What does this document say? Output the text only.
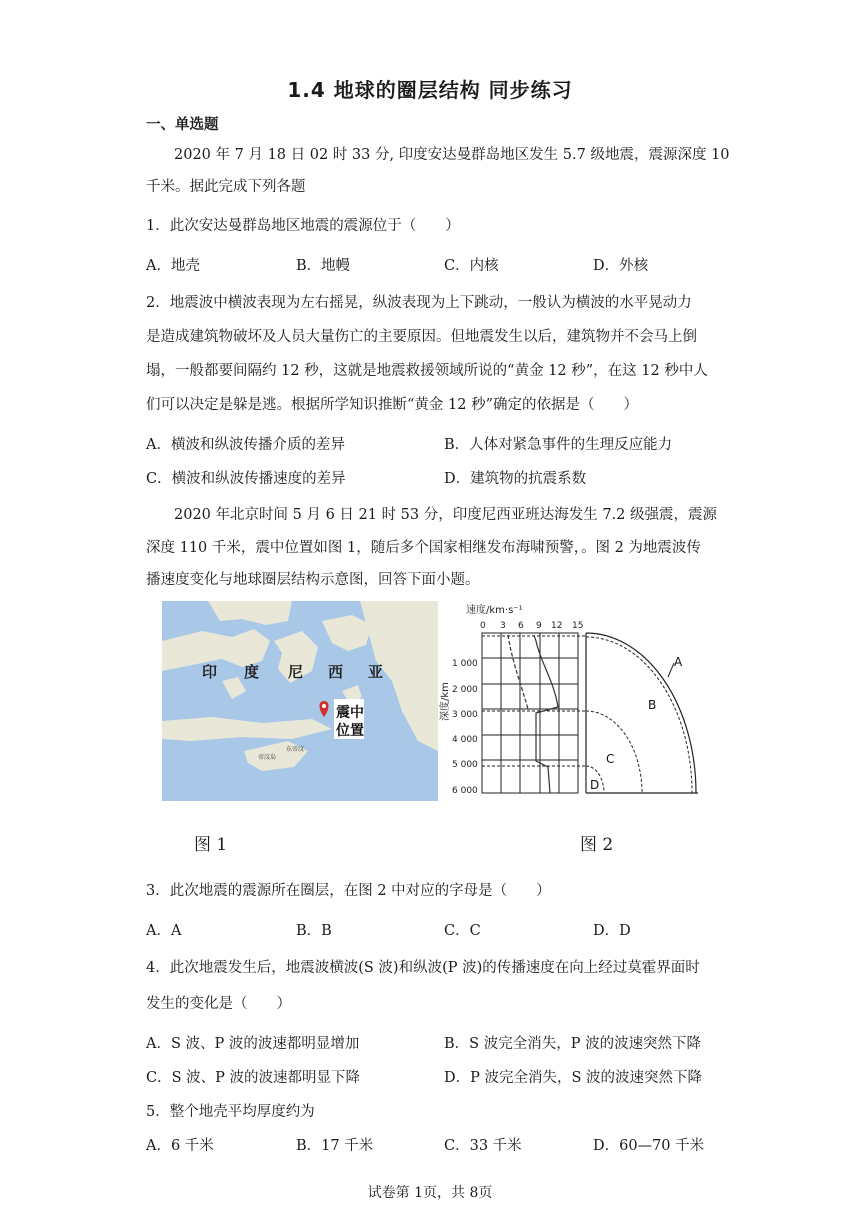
1.4 地球的圈层结构 同步练习
一、单选题
2020 年 7 月 18 日 02 时 33 分, 印度安达曼群岛地区发生 5.7 级地震，震源深度 10
千米。据此完成下列各题
1．此次安达曼群岛地区地震的震源位于（　　）
A．地壳	B．地幔	C．内核	D．外核
2．地震波中横波表现为左右摇晃，纵波表现为上下跳动，一般认为横波的水平晃动力
是造成建筑物破坏及人员大量伤亡的主要原因。但地震发生以后，建筑物并不会马上倒
塌，一般都要间隔约 12 秒，这就是地震救援领域所说的“黄金 12 秒”，在这 12 秒中人
们可以决定是躲是逃。根据所学知识推断“黄金 12 秒”确定的依据是（　　）
A．横波和纵波传播介质的差异	B．人体对紧急事件的生理反应能力
C．横波和纵波传播速度的差异	D．建筑物的抗震系数
2020 年北京时间 5 月 6 日 21 时 53 分，印度尼西亚班达海发生 7.2 级强震，震源
深度 110 千米，震中位置如图 1，随后多个国家相继发布海啸预警，。图 2 为地震波传
播速度变化与地球圈层结构示意图，回答下面小题。
印 度 尼 西 亚
震中
位置
帝汶岛
东帝汶
速度/km·s⁻¹
0 3 6 9 12 15
深度/km
1 000
2 000
3 000
4 000
5 000
6 000
A
B
C
D
图 1	图 2
3．此次地震的震源所在圈层，在图 2 中对应的字母是（　　）
A．A	B．B	C．C	D．D
4．此次地震发生后，地震波横波(S 波)和纵波(P 波)的传播速度在向上经过莫霍界面时
发生的变化是（　　）
A．S 波、P 波的波速都明显增加	B．S 波完全消失，P 波的波速突然下降
C．S 波、P 波的波速都明显下降	D．P 波完全消失，S 波的波速突然下降
5．整个地壳平均厚度约为
A．6 千米	B．17 千米	C．33 千米	D．60—70 千米
试卷第 1页，共 8页
